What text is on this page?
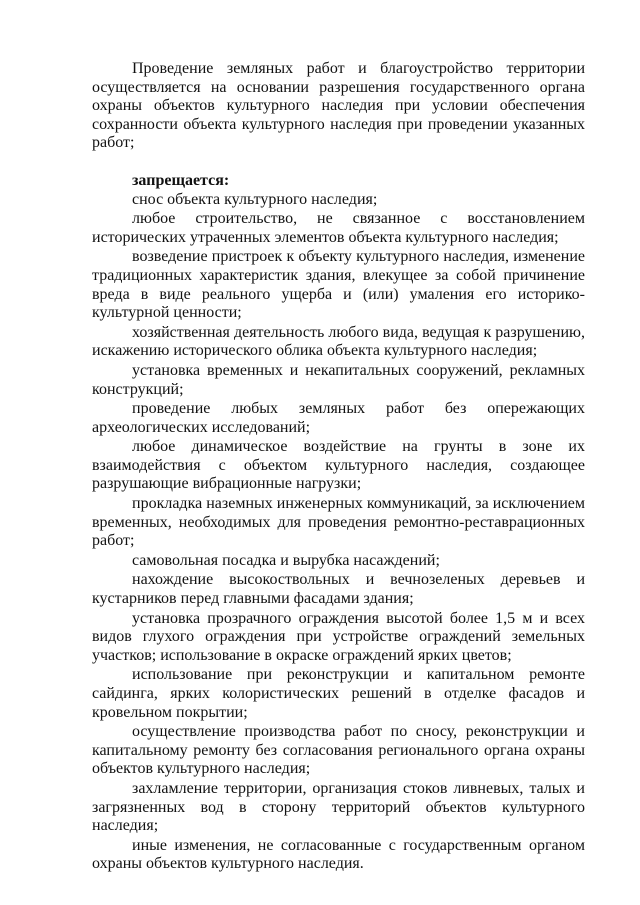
Проведение земляных работ и благоустройство территории осуществляется на основании разрешения государственного органа охраны объектов культурного наследия при условии обеспечения сохранности объекта культурного наследия при проведении указанных работ;

запрещается:

снос объекта культурного наследия;

любое строительство, не связанное с восстановлением исторических утраченных элементов объекта культурного наследия;

возведение пристроек к объекту культурного наследия, изменение традиционных характеристик здания, влекущее за собой причинение вреда в виде реального ущерба и (или) умаления его историко-культурной ценности;

хозяйственная деятельность любого вида, ведущая к разрушению, искажению исторического облика объекта культурного наследия;

установка временных и некапитальных сооружений, рекламных конструкций;

проведение любых земляных работ без опережающих археологических исследований;

любое динамическое воздействие на грунты в зоне их взаимодействия с объектом культурного наследия, создающее разрушающие вибрационные нагрузки;

прокладка наземных инженерных коммуникаций, за исключением временных, необходимых для проведения ремонтно-реставрационных работ;

самовольная посадка и вырубка насаждений;

нахождение высокоствольных и вечнозеленых деревьев и кустарников перед главными фасадами здания;

установка прозрачного ограждения высотой более 1,5 м и всех видов глухого ограждения при устройстве ограждений земельных участков; использование в окраске ограждений ярких цветов;

использование при реконструкции и капитальном ремонте сайдинга, ярких колористических решений в отделке фасадов и кровельном покрытии;

осуществление производства работ по сносу, реконструкции и капитальному ремонту без согласования регионального органа охраны объектов культурного наследия;

захламление территории, организация стоков ливневых, талых и загрязненных вод в сторону территорий объектов культурного наследия;

иные изменения, не согласованные с государственным органом охраны объектов культурного наследия.
